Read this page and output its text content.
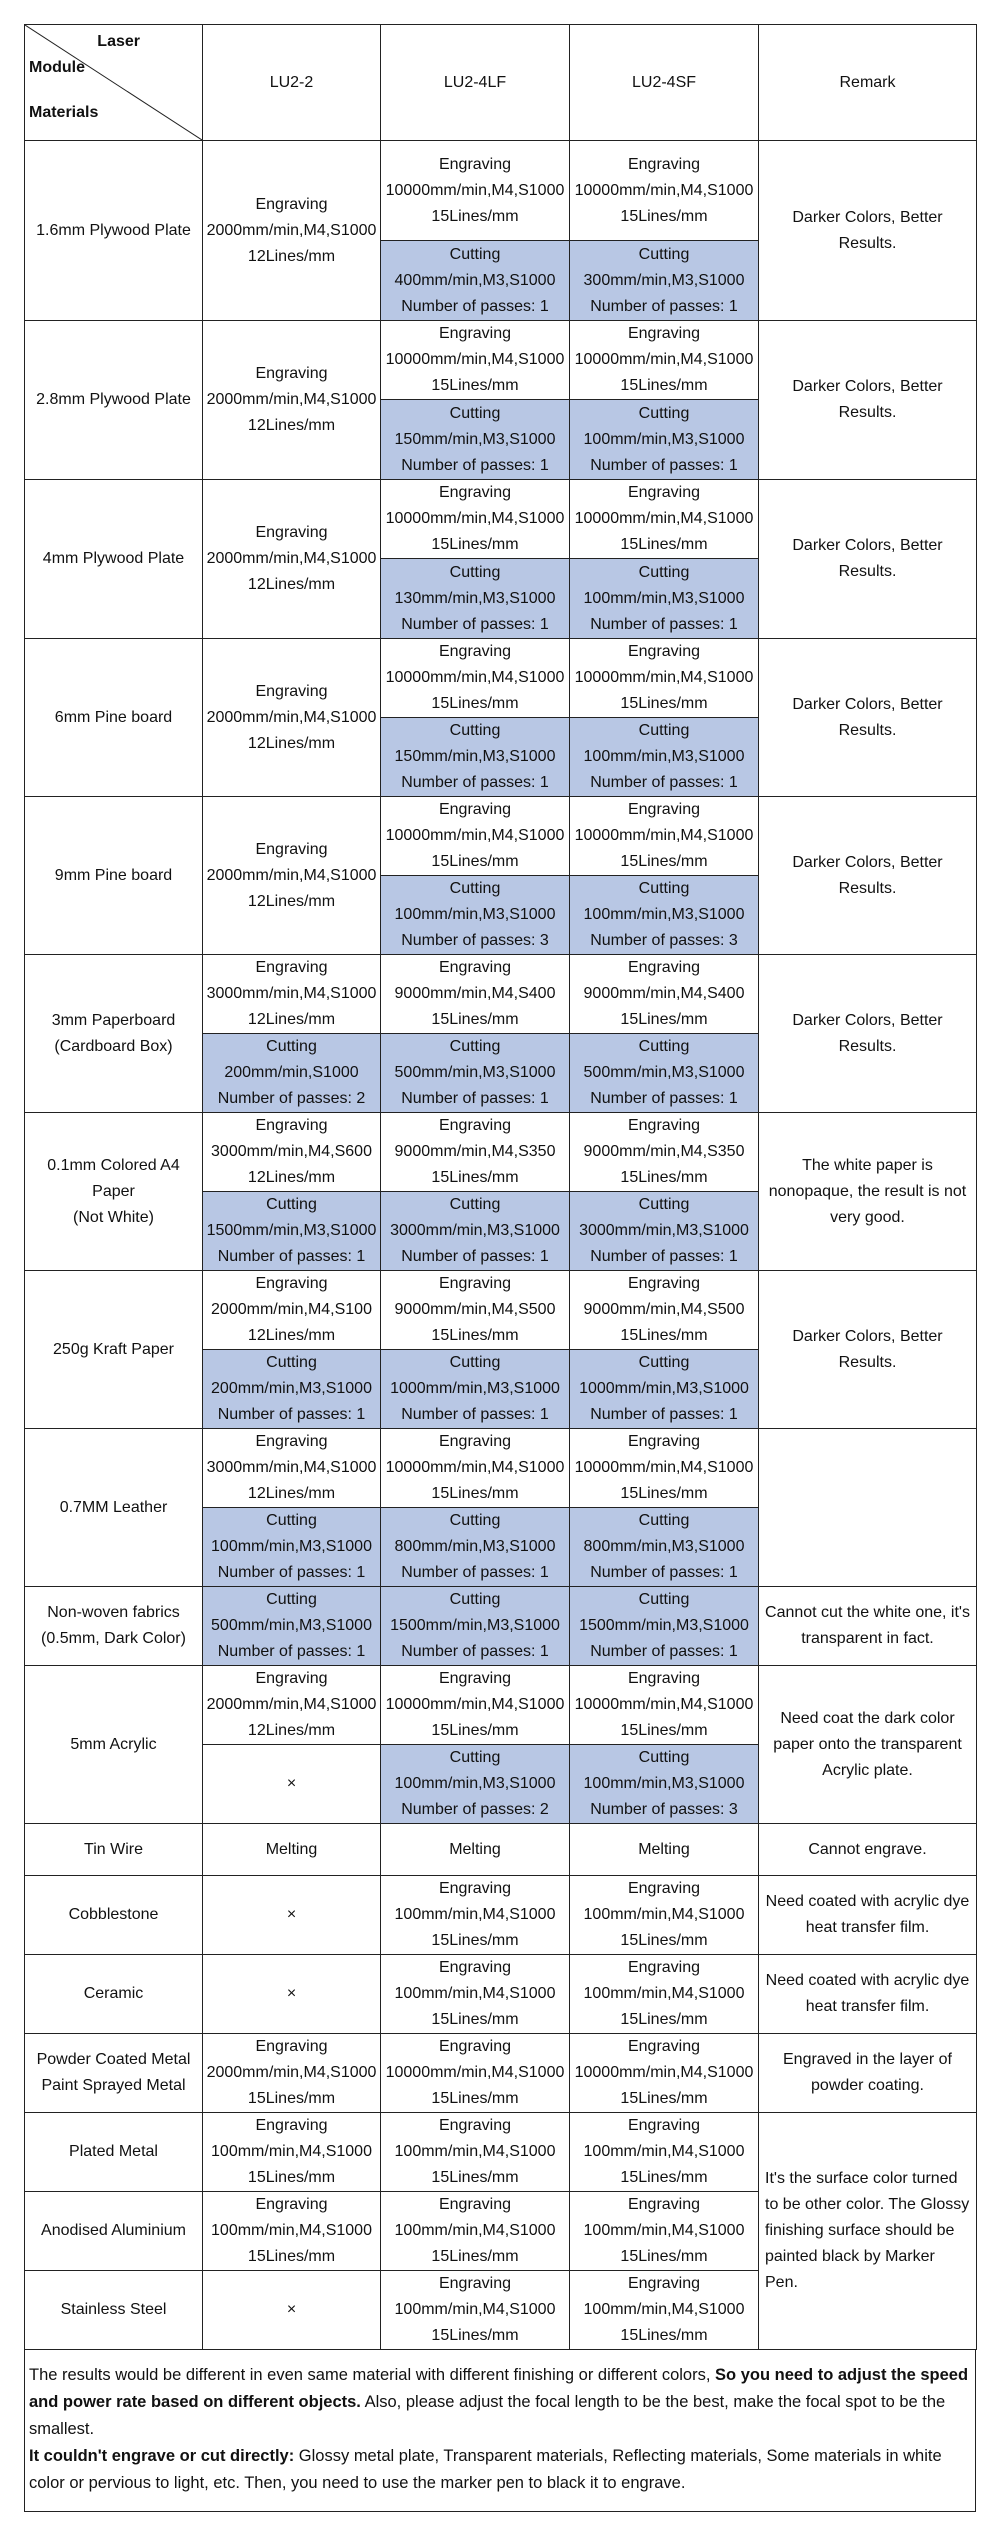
Laser
Module
Materials	LU2-2	LU2-4LF	LU2-4SF	Remark
1.6mm Plywood Plate	Engraving
2000mm/min,M4,S1000
12Lines/mm	Engraving
10000mm/min,M4,S1000
15Lines/mm	Engraving
10000mm/min,M4,S1000
15Lines/mm	Darker Colors, Better Results.
		Cutting
400mm/min,M3,S1000
Number of passes: 1	Cutting
300mm/min,M3,S1000
Number of passes: 1	
2.8mm Plywood Plate	Engraving
2000mm/min,M4,S1000
12Lines/mm	Engraving
10000mm/min,M4,S1000
15Lines/mm	Engraving
10000mm/min,M4,S1000
15Lines/mm	Darker Colors, Better Results.
		Cutting
150mm/min,M3,S1000
Number of passes: 1	Cutting
100mm/min,M3,S1000
Number of passes: 1	
4mm Plywood Plate	Engraving
2000mm/min,M4,S1000
12Lines/mm	Engraving
10000mm/min,M4,S1000
15Lines/mm	Engraving
10000mm/min,M4,S1000
15Lines/mm	Darker Colors, Better Results.
		Cutting
130mm/min,M3,S1000
Number of passes: 1	Cutting
100mm/min,M3,S1000
Number of passes: 1	
6mm Pine board	Engraving
2000mm/min,M4,S1000
12Lines/mm	Engraving
10000mm/min,M4,S1000
15Lines/mm	Engraving
10000mm/min,M4,S1000
15Lines/mm	Darker Colors, Better Results.
		Cutting
150mm/min,M3,S1000
Number of passes: 1	Cutting
100mm/min,M3,S1000
Number of passes: 1	
9mm Pine board	Engraving
2000mm/min,M4,S1000
12Lines/mm	Engraving
10000mm/min,M4,S1000
15Lines/mm	Engraving
10000mm/min,M4,S1000
15Lines/mm	Darker Colors, Better Results.
		Cutting
100mm/min,M3,S1000
Number of passes: 3	Cutting
100mm/min,M3,S1000
Number of passes: 3	
3mm Paperboard
(Cardboard Box)	Engraving
3000mm/min,M4,S1000
12Lines/mm	Engraving
9000mm/min,M4,S400
15Lines/mm	Engraving
9000mm/min,M4,S400
15Lines/mm	Darker Colors, Better Results.
	Cutting
200mm/min,S1000
Number of passes: 2	Cutting
500mm/min,M3,S1000
Number of passes: 1	Cutting
500mm/min,M3,S1000
Number of passes: 1	
0.1mm Colored A4
Paper
(Not White)	Engraving
3000mm/min,M4,S600
12Lines/mm	Engraving
9000mm/min,M4,S350
15Lines/mm	Engraving
9000mm/min,M4,S350
15Lines/mm	The white paper is nonopaque, the result is not very good.
	Cutting
1500mm/min,M3,S1000
Number of passes: 1	Cutting
3000mm/min,M3,S1000
Number of passes: 1	Cutting
3000mm/min,M3,S1000
Number of passes: 1	
250g Kraft Paper	Engraving
2000mm/min,M4,S100
12Lines/mm	Engraving
9000mm/min,M4,S500
15Lines/mm	Engraving
9000mm/min,M4,S500
15Lines/mm	Darker Colors, Better Results.
	Cutting
200mm/min,M3,S1000
Number of passes: 1	Cutting
1000mm/min,M3,S1000
Number of passes: 1	Cutting
1000mm/min,M3,S1000
Number of passes: 1	
0.7MM Leather	Engraving
3000mm/min,M4,S1000
12Lines/mm	Engraving
10000mm/min,M4,S1000
15Lines/mm	Engraving
10000mm/min,M4,S1000
15Lines/mm	
	Cutting
100mm/min,M3,S1000
Number of passes: 1	Cutting
800mm/min,M3,S1000
Number of passes: 1	Cutting
800mm/min,M3,S1000
Number of passes: 1	
Non-woven fabrics
(0.5mm, Dark Color)	Cutting
500mm/min,M3,S1000
Number of passes: 1	Cutting
1500mm/min,M3,S1000
Number of passes: 1	Cutting
1500mm/min,M3,S1000
Number of passes: 1	Cannot cut the white one, it's transparent in fact.
5mm Acrylic	Engraving
2000mm/min,M4,S1000
12Lines/mm	Engraving
10000mm/min,M4,S1000
15Lines/mm	Engraving
10000mm/min,M4,S1000
15Lines/mm	Need coat the dark color paper onto the transparent Acrylic plate.
	×	Cutting
100mm/min,M3,S1000
Number of passes: 2	Cutting
100mm/min,M3,S1000
Number of passes: 3	
Tin Wire	Melting	Melting	Melting	Cannot engrave.
Cobblestone	×	Engraving
100mm/min,M4,S1000
15Lines/mm	Engraving
100mm/min,M4,S1000
15Lines/mm	Need coated with acrylic dye heat transfer film.
Ceramic	×	Engraving
100mm/min,M4,S1000
15Lines/mm	Engraving
100mm/min,M4,S1000
15Lines/mm	Need coated with acrylic dye heat transfer film.
Powder Coated Metal
Paint Sprayed Metal	Engraving
2000mm/min,M4,S1000
15Lines/mm	Engraving
10000mm/min,M4,S1000
15Lines/mm	Engraving
10000mm/min,M4,S1000
15Lines/mm	Engraved in the layer of powder coating.
Plated Metal	Engraving
100mm/min,M4,S1000
15Lines/mm	Engraving
100mm/min,M4,S1000
15Lines/mm	Engraving
100mm/min,M4,S1000
15Lines/mm	It's the surface color turned to be other color. The Glossy finishing surface should be painted black by Marker Pen.
Anodised Aluminium	Engraving
100mm/min,M4,S1000
15Lines/mm	Engraving
100mm/min,M4,S1000
15Lines/mm	Engraving
100mm/min,M4,S1000
15Lines/mm	
Stainless Steel	×	Engraving
100mm/min,M4,S1000
15Lines/mm	Engraving
100mm/min,M4,S1000
15Lines/mm	
The results would be different in even same material with different finishing or different colors, So you need to adjust the speed and power rate based on different objects. Also, please adjust the focal length to be the best, make the focal spot to be the smallest.
It couldn't engrave or cut directly: Glossy metal plate, Transparent materials, Reflecting materials, Some materials in white color or pervious to light, etc. Then, you need to use the marker pen to black it to engrave.
